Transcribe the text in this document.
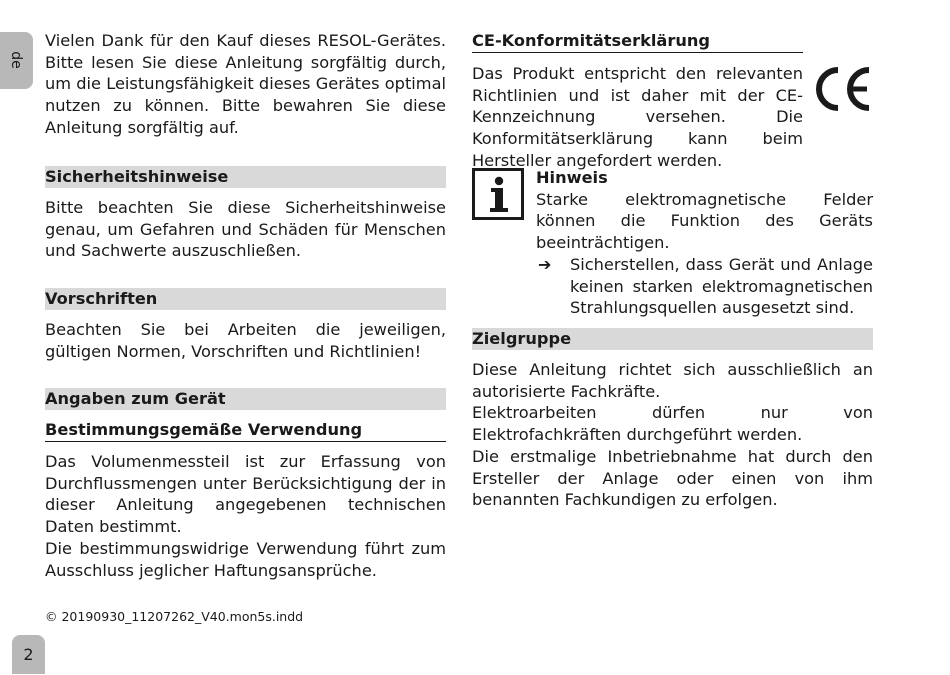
de

Vielen Dank für den Kauf dieses RESOL-Gerätes. Bitte lesen Sie diese Anleitung sorgfältig durch, um die Leistungsfähigkeit dieses Gerätes optimal nutzen zu können. Bitte bewahren Sie diese Anleitung sorgfältig auf.

Sicherheitshinweise

Bitte beachten Sie diese Sicherheitshinweise genau, um Gefahren und Schäden für Menschen und Sachwerte auszuschließen.

Vorschriften

Beachten Sie bei Arbeiten die jeweiligen, gültigen Normen, Vorschriften und Richtlinien!

Angaben zum Gerät
Bestimmungsgemäße Verwendung

Das Volumenmessteil ist zur Erfassung von Durchflussmengen unter Berücksichtigung der in dieser Anleitung angegebenen technischen Daten bestimmt.

Die bestimmungswidrige Verwendung führt zum Ausschluss jeglicher Haftungsansprüche.

CE-Konformitätserklärung

Das Produkt entspricht den relevanten Richtlinien und ist daher mit der CE-Kennzeichnung versehen. Die Konformitätserklärung kann beim Hersteller angefordert werden.

Hinweis

Starke elektromagnetische Felder können die Funktion des Geräts beeinträchtigen.

➔	Sicherstellen, dass Gerät und Anlage keinen starken elektromagnetischen Strahlungsquellen ausgesetzt sind.

Zielgruppe

Diese Anleitung richtet sich ausschließlich an autorisierte Fachkräfte.

Elektroarbeiten dürfen nur von Elektrofachkräften durchgeführt werden.

Die erstmalige Inbetriebnahme hat durch den Ersteller der Anlage oder einen von ihm benannten Fachkundigen zu erfolgen.

© 20190930_11207262_V40.mon5s.indd
2
